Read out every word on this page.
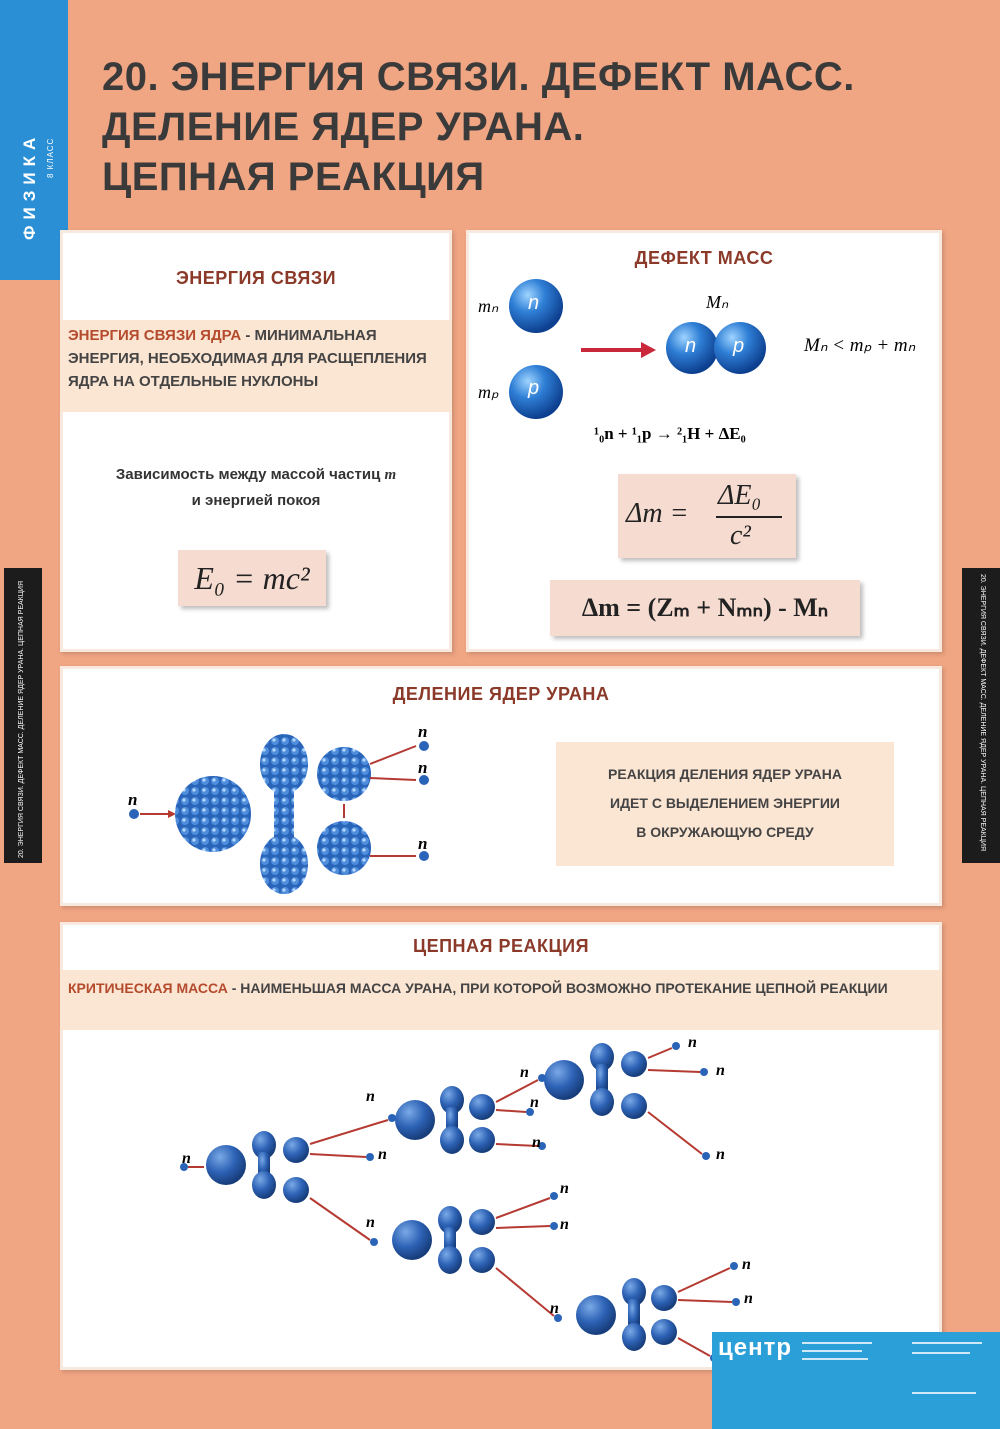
ФИЗИКА 8 КЛАСС
20. ЭНЕРГИЯ СВЯЗИ. ДЕФЕКТ МАСС.
ДЕЛЕНИЕ ЯДЕР УРАНА.
ЦЕПНАЯ РЕАКЦИЯ
20. ЭНЕРГИЯ СВЯЗИ. ДЕФЕКТ МАСС. ДЕЛЕНИЕ ЯДЕР УРАНА. ЦЕПНАЯ РЕАКЦИЯ	20. ЭНЕРГИЯ СВЯЗИ. ДЕФЕКТ МАСС. ДЕЛЕНИЕ ЯДЕР УРАНА. ЦЕПНАЯ РЕАКЦИЯ
ЭНЕРГИЯ СВЯЗИ
ЭНЕРГИЯ СВЯЗИ ЯДРА - МИНИМАЛЬНАЯ ЭНЕРГИЯ, НЕОБХОДИМАЯ ДЛЯ РАСЩЕПЛЕНИЯ ЯДРА НА ОТДЕЛЬНЫЕ НУКЛОНЫ
Зависимость между массой частиц m
и энергией покоя
E₀ = mc²
ДЕФЕКТ МАСС
n
p
n p
mₙ
mₚ
Mₙ
Mₙ < mₚ + mₙ
¹₀n + ¹₁p → ²₁H + ΔE₀
Δm =
ΔE₀
c²
Δm = (Zₘ + Nₘₙ) - Mₙ
ДЕЛЕНИЕ ЯДЕР УРАНА
n
n
n
n
РЕАКЦИЯ ДЕЛЕНИЯ ЯДЕР УРАНА
ИДЕТ С ВЫДЕЛЕНИЕМ ЭНЕРГИИ
В ОКРУЖАЮЩУЮ СРЕДУ
ЦЕПНАЯ РЕАКЦИЯ
КРИТИЧЕСКАЯ МАССА - НАИМЕНЬШАЯ МАССА УРАНА, ПРИ КОТОРОЙ ВОЗМОЖНО ПРОТЕКАНИЕ ЦЕПНОЙ РЕАКЦИИ
n
n
n
n
n
n
n
n
n
n
n
n
n
n
n
центр
